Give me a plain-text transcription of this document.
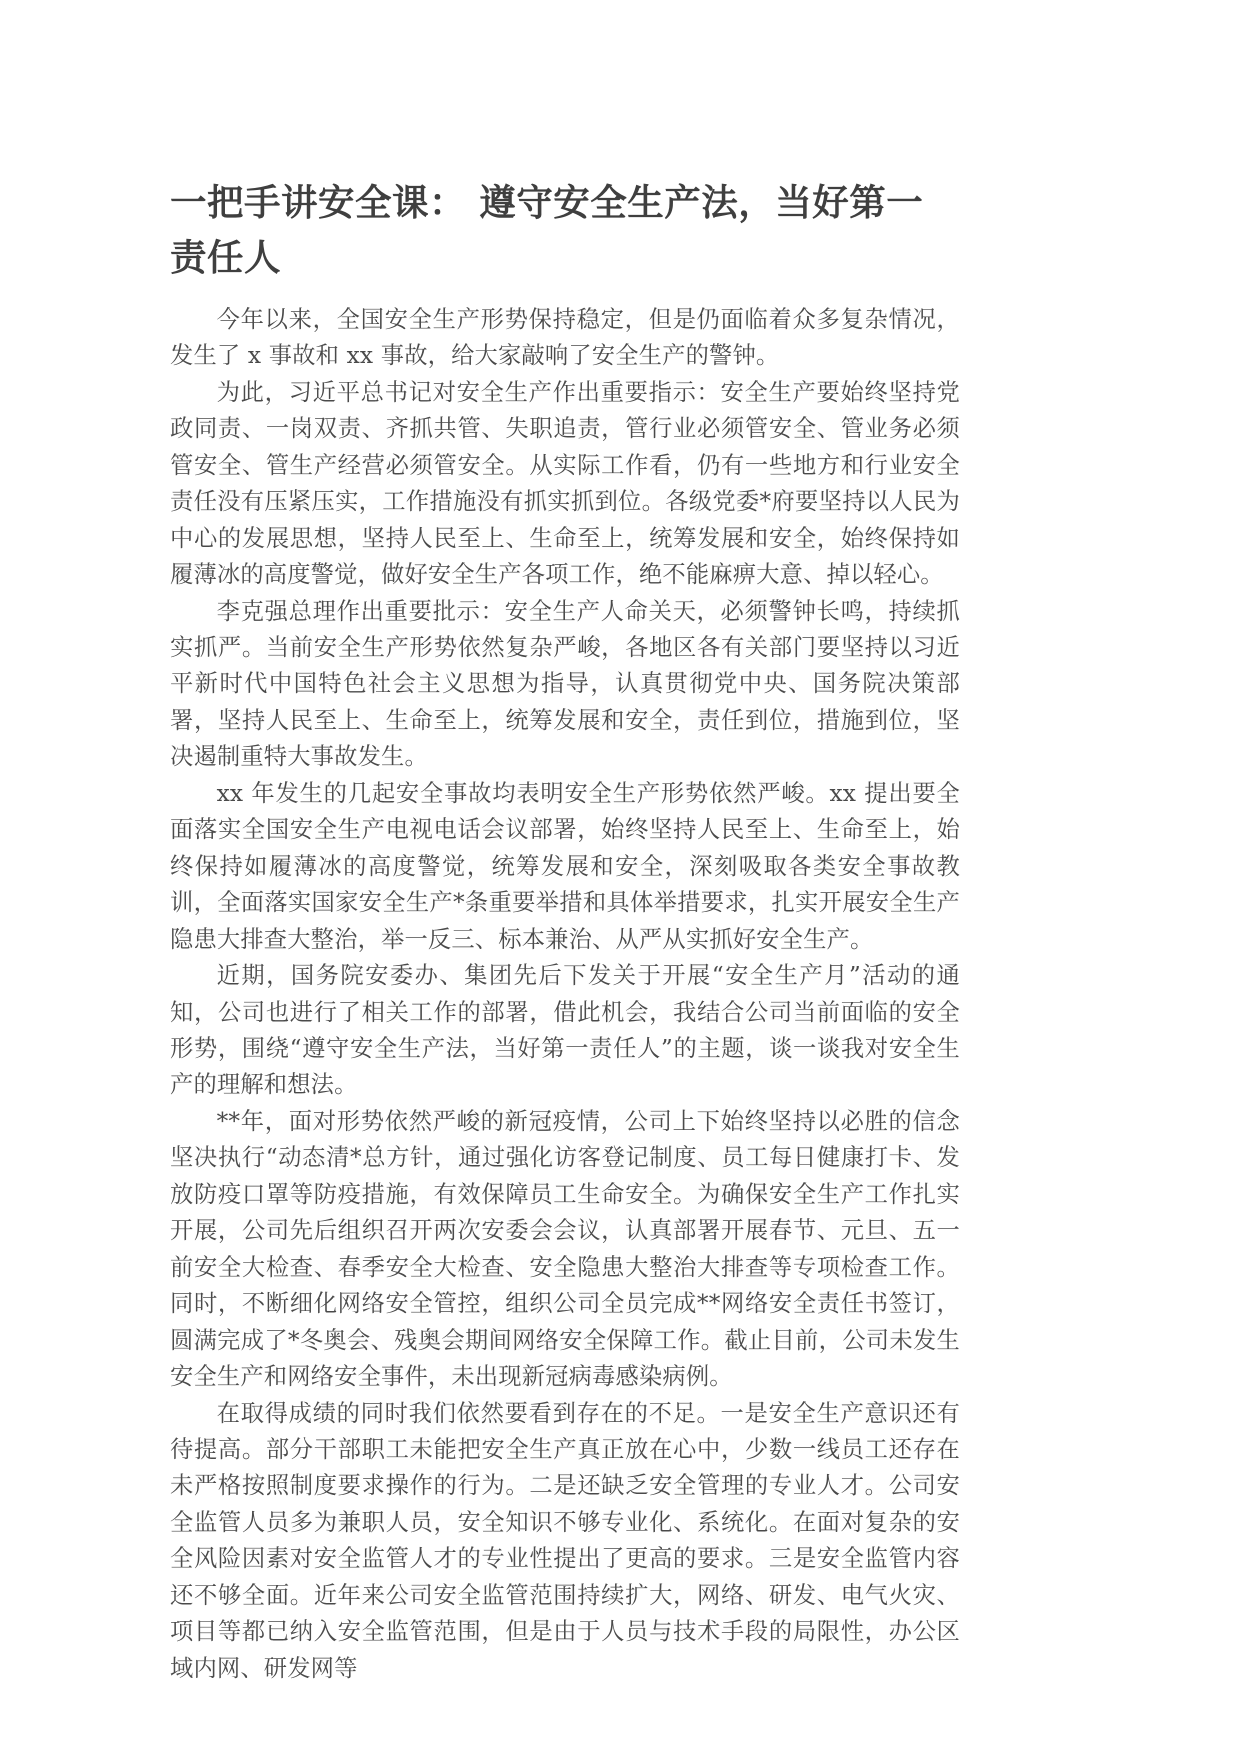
一把手讲安全课： 遵守安全生产法，当好第一责任人

今年以来，全国安全生产形势保持稳定，但是仍面临着众多复杂情况，发生了 x 事故和 xx 事故，给大家敲响了安全生产的警钟。

为此，习近平总书记对安全生产作出重要指示：安全生产要始终坚持党政同责、一岗双责、齐抓共管、失职追责，管行业必须管安全、管业务必须管安全、管生产经营必须管安全。从实际工作看，仍有一些地方和行业安全责任没有压紧压实，工作措施没有抓实抓到位。各级党委*府要坚持以人民为中心的发展思想，坚持人民至上、生命至上，统筹发展和安全，始终保持如履薄冰的高度警觉，做好安全生产各项工作，绝不能麻痹大意、掉以轻心。

李克强总理作出重要批示：安全生产人命关天，必须警钟长鸣，持续抓实抓严。当前安全生产形势依然复杂严峻，各地区各有关部门要坚持以习近平新时代中国特色社会主义思想为指导，认真贯彻党中央、国务院决策部署，坚持人民至上、生命至上，统筹发展和安全，责任到位，措施到位，坚决遏制重特大事故发生。

xx 年发生的几起安全事故均表明安全生产形势依然严峻。xx 提出要全面落实全国安全生产电视电话会议部署，始终坚持人民至上、生命至上，始终保持如履薄冰的高度警觉，统筹发展和安全，深刻吸取各类安全事故教训，全面落实国家安全生产*条重要举措和具体举措要求，扎实开展安全生产隐患大排查大整治，举一反三、标本兼治、从严从实抓好安全生产。

近期，国务院安委办、集团先后下发关于开展“安全生产月”活动的通知，公司也进行了相关工作的部署，借此机会，我结合公司当前面临的安全形势，围绕“遵守安全生产法，当好第一责任人”的主题，谈一谈我对安全生产的理解和想法。

**年，面对形势依然严峻的新冠疫情，公司上下始终坚持以必胜的信念坚决执行“动态清*总方针，通过强化访客登记制度、员工每日健康打卡、发放防疫口罩等防疫措施，有效保障员工生命安全。为确保安全生产工作扎实开展，公司先后组织召开两次安委会会议，认真部署开展春节、元旦、五一前安全大检查、春季安全大检查、安全隐患大整治大排查等专项检查工作。同时，不断细化网络安全管控，组织公司全员完成**网络安全责任书签订，圆满完成了*冬奥会、残奥会期间网络安全保障工作。截止目前，公司未发生安全生产和网络安全事件，未出现新冠病毒感染病例。

在取得成绩的同时我们依然要看到存在的不足。一是安全生产意识还有待提高。部分干部职工未能把安全生产真正放在心中，少数一线员工还存在未严格按照制度要求操作的行为。二是还缺乏安全管理的专业人才。公司安全监管人员多为兼职人员，安全知识不够专业化、系统化。在面对复杂的安全风险因素对安全监管人才的专业性提出了更高的要求。三是安全监管内容还不够全面。近年来公司安全监管范围持续扩大，网络、研发、电气火灾、项目等都已纳入安全监管范围，但是由于人员与技术手段的局限性，办公区域内网、研发网等
